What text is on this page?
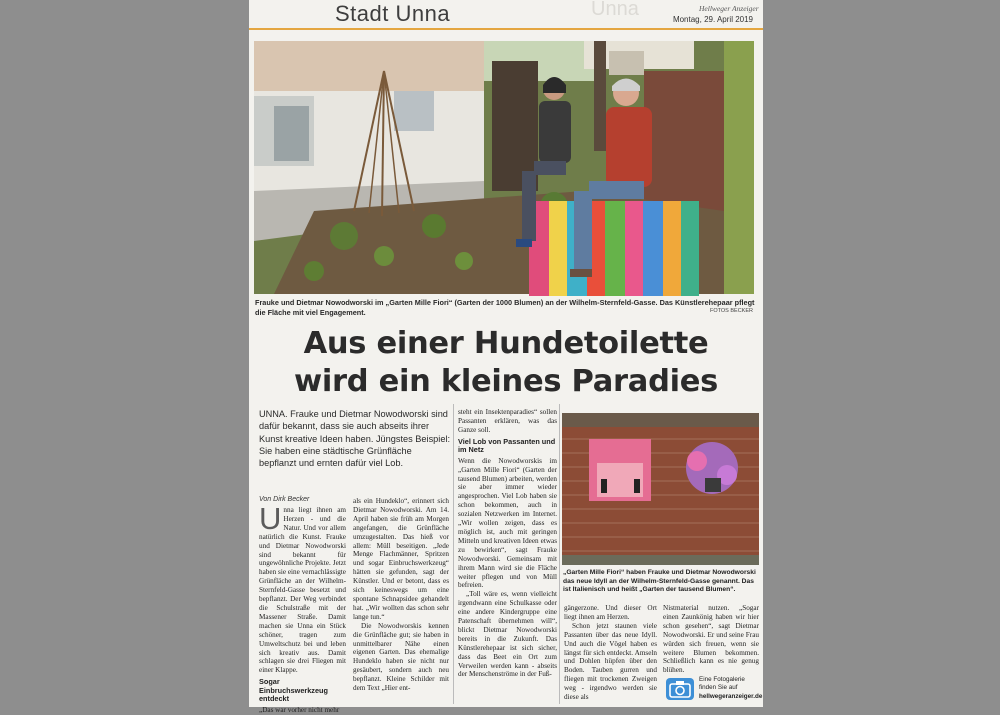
Unna
Stadt Unna	Hellweger Anzeiger
Montag, 29. April 2019
Frauke und Dietmar Nowodworski im „Garten Mille Fiori“ (Garten der 1000 Blumen) an der Wilhelm-Sternfeld-Gasse. Das Künstlerehepaar pflegt die Fläche mit viel Engagement.	FOTOS BECKER
Aus einer Hundetoilette
wird ein kleines Paradies
UNNA. Frauke und Dietmar Nowodworski sind dafür bekannt, dass sie auch abseits ihrer Kunst kreative Ideen haben. Jüngstes Beispiel: Sie haben eine städtische Grünfläche bepflanzt und ernten dafür viel Lob.
Von Dirk Becker
U nna liegt ihnen am Herzen - und die Natur. Und vor allem natürlich die Kunst. Frauke und Dietmar Nowodworski sind bekannt für ungewöhnliche Projekte. Jetzt haben sie eine vernachlässigte Grünfläche an der Wilhelm-Sternfeld-Gasse besetzt und bepflanzt. Der Weg verbindet die Schulstraße mit der Massener Straße. Damit machen sie Unna ein Stück schöner, tragen zum Umweltschutz bei und leben sich kreativ aus. Damit schlagen sie drei Fliegen mit einer Klappe.

Sogar Einbruchswerkzeug entdeckt

„Das war vorher nicht mehr

als ein Hundeklo“, erinnert sich Dietmar Nowodworski. Am 14. April haben sie früh am Morgen angefangen, die Grünfläche umzugestalten. Das hieß vor allem: Müll beseitigen. „Jede Menge Flachmänner, Spritzen und sogar Einbruchswerkzeug“ hätten sie gefunden, sagt der Künstler. Und er betont, dass es sich keineswegs um eine spontane Schnapsidee gehandelt hat. „Wir wollten das schon sehr lange tun.“

Die Nowodworskis kennen die Grünfläche gut; sie haben in unmittelbarer Nähe einen eigenen Garten. Das ehemalige Hundeklo haben sie nicht nur gesäubert, sondern auch neu bepflanzt. Kleine Schilder mit dem Text „Hier ent-

steht ein Insektenparadies“ sollen Passanten erklären, was das Ganze soll.

Viel Lob von Passanten und im Netz

Wenn die Nowodworskis im „Garten Mille Fiori“ (Garten der tausend Blumen) arbeiten, werden sie aber immer wieder angesprochen. Viel Lob haben sie schon bekommen, auch in sozialen Netzwerken im Internet. „Wir wollen zeigen, dass es möglich ist, auch mit geringen Mitteln und kreativen Ideen etwas zu bewirken“, sagt Frauke Nowodworski. Gemeinsam mit ihrem Mann wird sie die Fläche weiter pflegen und von Müll befreien.

„Toll wäre es, wenn vielleicht irgendwann eine Schulkasse oder eine andere Kindergruppe eine Patenschaft übernehmen will“, blickt Dietmar Nowodworski bereits in die Zukunft. Das Künstlerehepaar ist sich sicher, dass das Beet ein Ort zum Verweilen werden kann - abseits der Menschenströme in der Fuß-

„Garten Mille Fiori“ haben Frauke und Dietmar Nowodworski das neue Idyll an der Wilhelm-Sternfeld-Gasse genannt. Das ist Italienisch und heißt „Garten der tausend Blumen“.

gängerzone. Und dieser Ort liegt ihnen am Herzen.

Schon jetzt staunen viele Passanten über das neue Idyll. Und auch die Vögel haben es längst für sich entdeckt. Amseln und Dohlen hüpfen über den Boden. Tauben gurren und fliegen mit trockenen Zweigen weg - irgendwo werden sie diese als

Nistmaterial nutzen. „Sogar einen Zaunkönig haben wir hier schon gesehen“, sagt Dietmar Nowodworski. Er und seine Frau würden sich freuen, wenn sie weitere Blumen bekommen. Schließlich kann es nie genug blühen.

Eine Fotogalerie finden Sie auf
hellwegeranzeiger.de
